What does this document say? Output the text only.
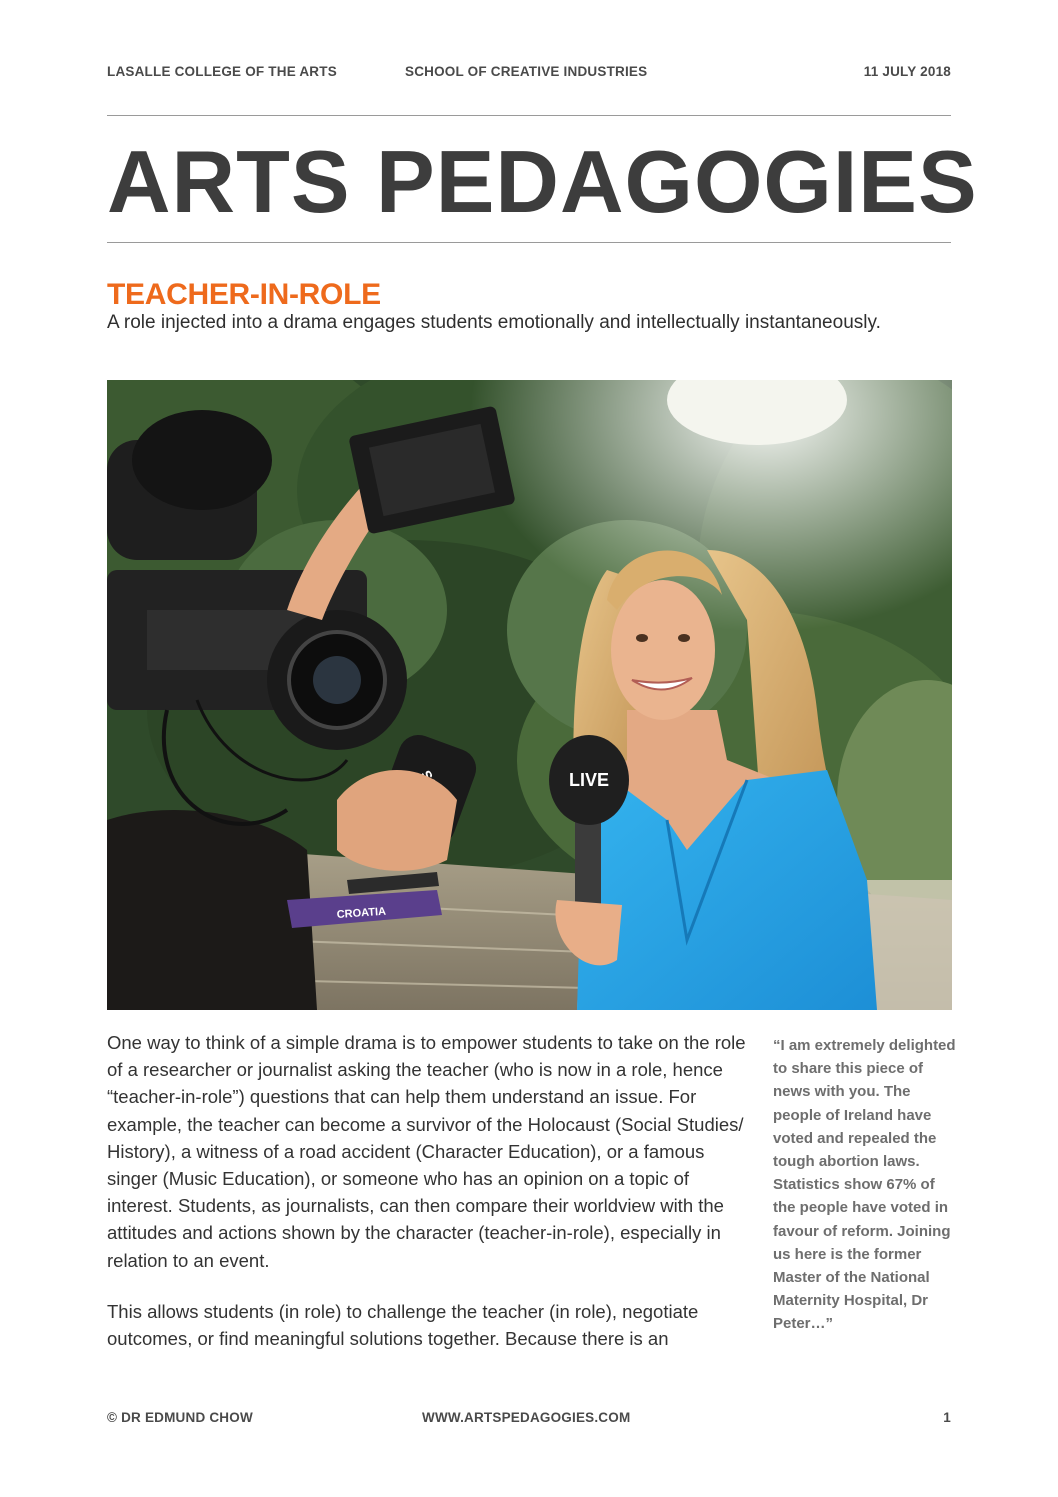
LASALLE COLLEGE OF THE ARTS	SCHOOL OF CREATIVE INDUSTRIES	11 JULY 2018
ARTS PEDAGOGIES
TEACHER-IN-ROLE
A role injected into a drama engages students emotionally and intellectually instantaneously.
LIVE
CROATIA
One way to think of a simple drama is to empower students to take on the role of a researcher or journalist asking the teacher (who is now in a role, hence “teacher-in-role”) questions that can help them understand an issue. For example, the teacher can become a survivor of the Holocaust (Social Studies/ History), a witness of a road accident (Character Education), or a famous singer (Music Education), or someone who has an opinion on a topic of interest. Students, as journalists, can then compare their worldview with the attitudes and actions shown by the character (teacher-in-role), especially in relation to an event.
This allows students (in role) to challenge the teacher (in role), negotiate outcomes, or find meaningful solutions together. Because there is an
“I am extremely delighted to share this piece of news with you. The people of Ireland have voted and repealed the tough abortion laws. Statistics show 67% of the people have voted in favour of reform. Joining us here is the former Master of the National Maternity Hospital, Dr Peter…”
© DR EDMUND CHOW	WWW.ARTSPEDAGOGIES.COM	1
